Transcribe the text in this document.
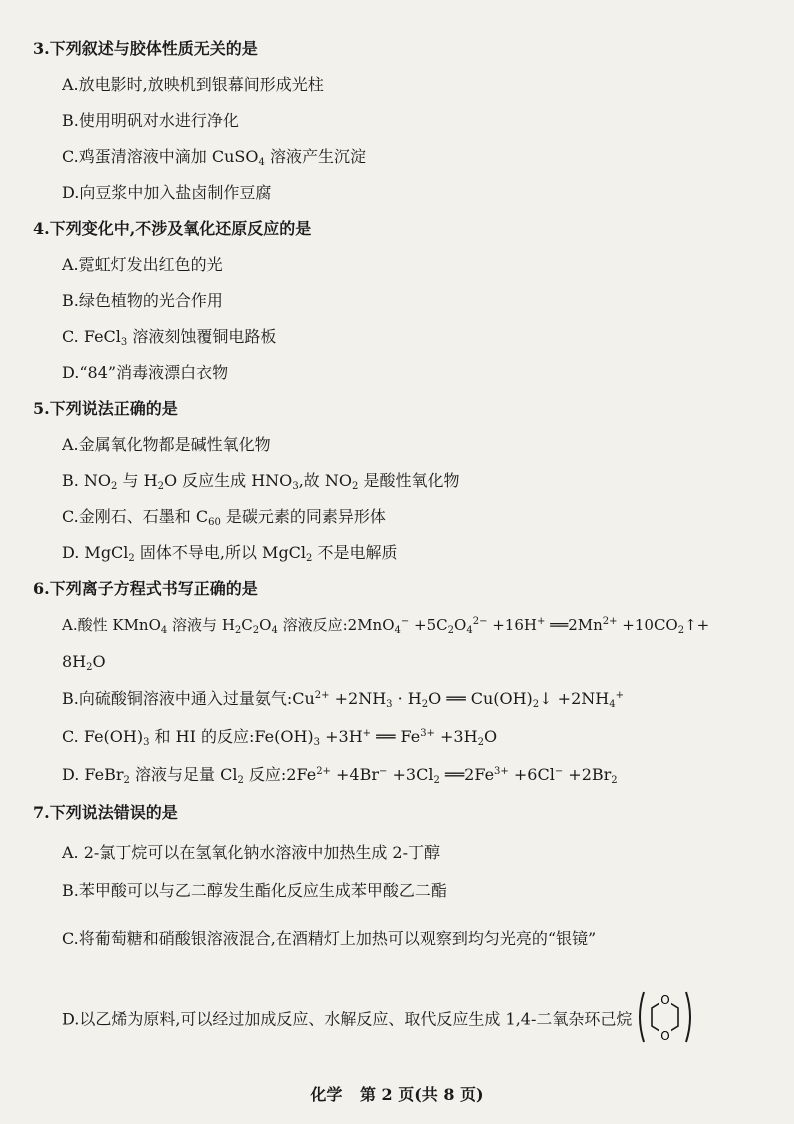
3.下列叙述与胶体性质无关的是
A.放电影时,放映机到银幕间形成光柱
B.使用明矾对水进行净化
C.鸡蛋清溶液中滴加 CuSO$_4$ 溶液产生沉淀
D.向豆浆中加入盐卤制作豆腐
4.下列变化中,不涉及氧化还原反应的是
A.霓虹灯发出红色的光
B.绿色植物的光合作用
C. FeCl$_3$ 溶液刻蚀覆铜电路板
D.“84”消毒液漂白衣物
5.下列说法正确的是
A.金属氧化物都是碱性氧化物
B. $NO_2$ 与 $H_2O$ 反应生成 $HNO_3$,故 $NO_2$ 是酸性氧化物
C.金刚石、石墨和 $C_{60}$ 是碳元素的同素异形体
D. MgCl$_2$ 固体不导电,所以 MgCl$_2$ 不是电解质
6.下列离子方程式书写正确的是
A.酸性 KMnO$_4$ 溶液与 $H_2C_2O_4$ 溶液反应:2MnO$_4$− $+5C_2O_4^{2-} +16H^+$ $══2Mn^{2+}$ $+10CO_2↑+$
$8H_2O$
B.向硫酸铜溶液中通入过量氨气$:Cu^{2+} +2NH_3 \cdot H_2O$ ══ $Cu(OH)_2↓ +2NH_4^+$
C. $Fe(OH)_3$ 和 HI 的反应$:Fe(OH)_3 +3H^+$ ══ $Fe^{3+} +3H_2O$
D. FeBr$_2$ 溶液与足量 $Cl_2$ 反应$:2Fe^{2+} +4Br^- +3Cl_2$ $══2Fe^{3+} +6Cl^- +2Br_2$
7.下列说法错误的是
A. 2-氯丁烷可以在氢氧化钠水溶液中加热生成 2-丁醇
B.苯甲酸可以与乙二醇发生酯化反应生成苯甲酸乙二酯
C.将葡萄糖和硝酸银溶液混合,在酒精灯上加热可以观察到均匀光亮的“银镜”
D.以乙烯为原料,可以经过加成反应、水解反应、取代反应生成 1,4-二氧杂环己烷
O
O
化学 第 2 页(共 8 页)
